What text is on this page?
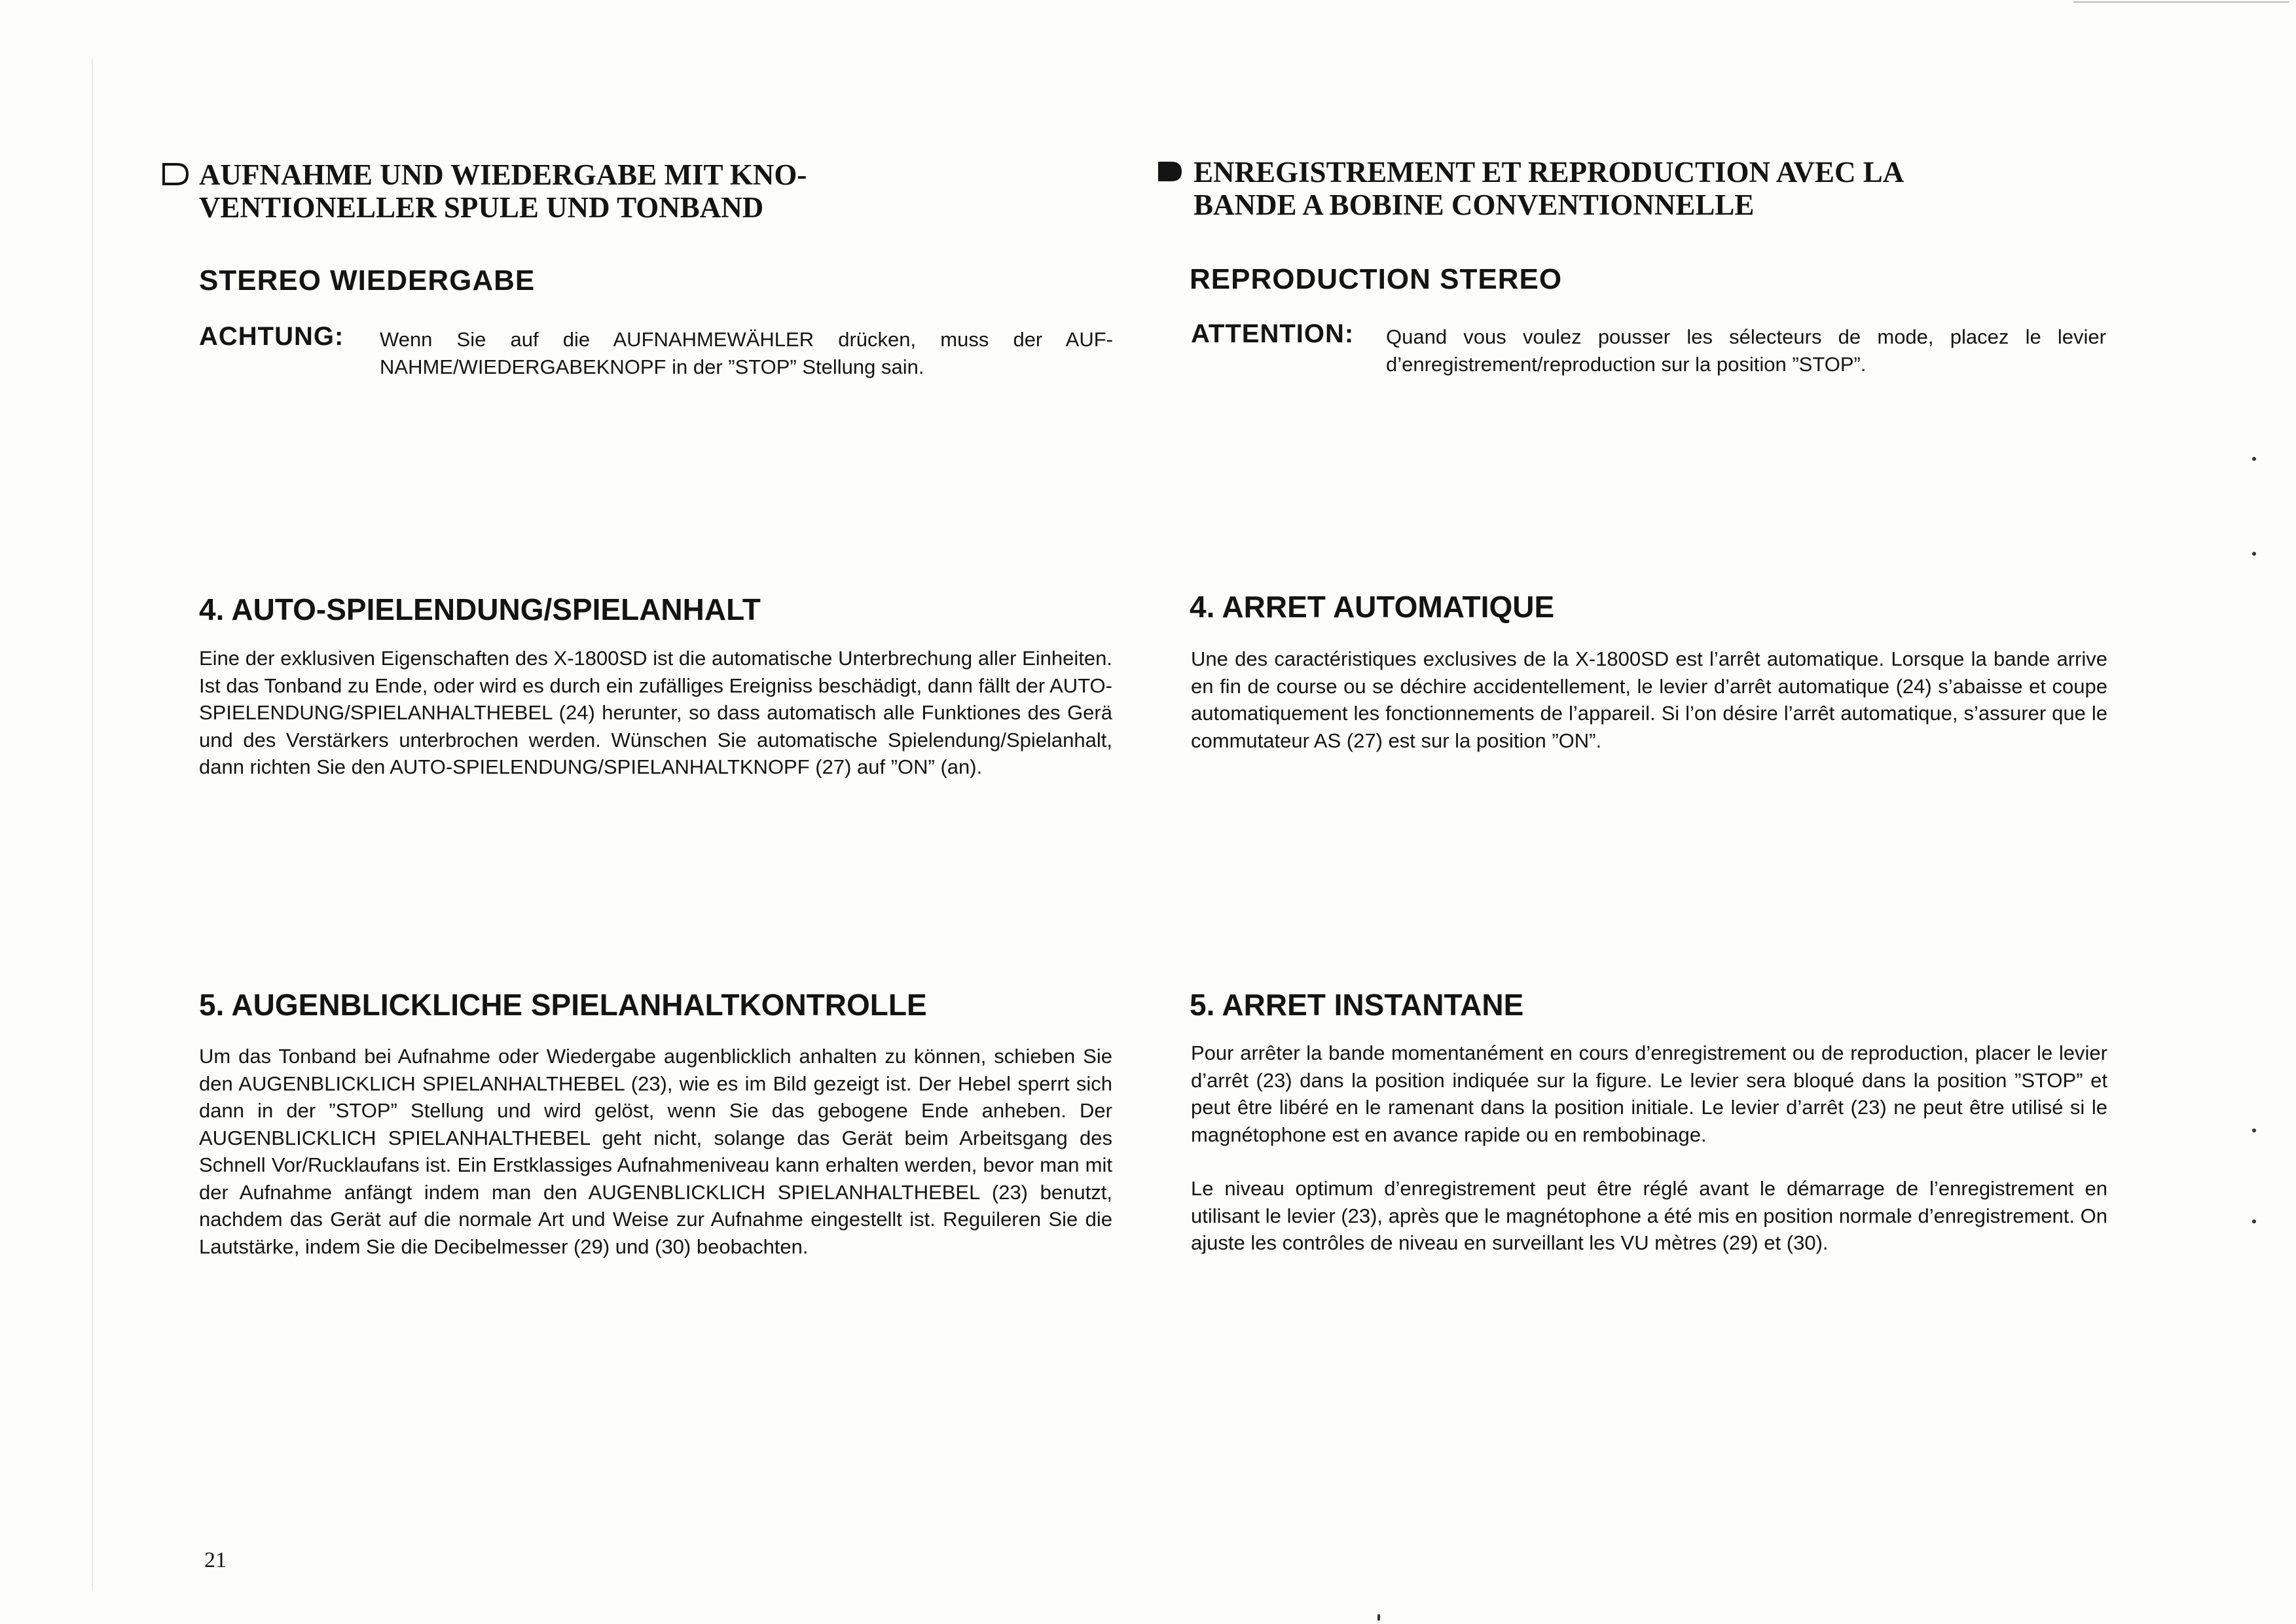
AUFNAHME UND WIEDERGABE MIT KNO-
VENTIONELLER SPULE UND TONBAND
STEREO WIEDERGABE
ACHTUNG: Wenn Sie auf die AUFNAHMEWÄHLER drücken, muss der AUF-NAHME/WIEDERGABEKNOPF in der ”STOP” Stellung sain.
4. AUTO-SPIELENDUNG/SPIELANHALT
Eine der exklusiven Eigenschaften des X-1800SD ist die automatische Unterbrechung aller Einheiten. Ist das Tonband zu Ende, oder wird es durch ein zufälliges Ereigniss beschädigt, dann fällt der AUTO-SPIELENDUNG/SPIELANHALTHEBEL (24) herunter, so dass automatisch alle Funktiones des Gerä und des Verstärkers unterbrochen werden. Wünschen Sie automatische Spielendung/Spielanhalt, dann richten Sie den AUTO-SPIELENDUNG/SPIELANHALTKNOPF (27) auf ”ON” (an).
5. AUGENBLICKLICHE SPIELANHALTKONTROLLE
Um das Tonband bei Aufnahme oder Wiedergabe augenblicklich anhalten zu können, schieben Sie den AUGENBLICKLICH SPIELANHALTHEBEL (23), wie es im Bild gezeigt ist. Der Hebel sperrt sich dann in der ”STOP” Stellung und wird gelöst, wenn Sie das gebogene Ende anheben. Der AUGENBLICKLICH SPIELANHALTHEBEL geht nicht, solange das Gerät beim Arbeitsgang des Schnell Vor/Rucklaufans ist. Ein Erstklassiges Aufnahmeniveau kann erhalten werden, bevor man mit der Aufnahme anfängt indem man den AUGENBLICKLICH SPIELANHALTHEBEL (23) benutzt, nachdem das Gerät auf die normale Art und Weise zur Aufnahme eingestellt ist. Reguileren Sie die Lautstärke, indem Sie die Decibelmesser (29) und (30) beobachten.
ENREGISTREMENT ET REPRODUCTION AVEC LA
BANDE A BOBINE CONVENTIONNELLE
REPRODUCTION STEREO
ATTENTION: Quand vous voulez pousser les sélecteurs de mode, placez le levier d’enregistrement/reproduction sur la position ”STOP”.
4. ARRET AUTOMATIQUE
Une des caractéristiques exclusives de la X-1800SD est l’arrêt automatique. Lorsque la bande arrive en fin de course ou se déchire accidentellement, le levier d’arrêt automatique (24) s’abaisse et coupe automatiquement les fonctionnements de l’appareil. Si l’on désire l’arrêt automatique, s’assurer que le commutateur AS (27) est sur la position ”ON”.
5. ARRET INSTANTANE
Pour arrêter la bande momentanément en cours d’enregistrement ou de reproduction, placer le levier d’arrêt (23) dans la position indiquée sur la figure. Le levier sera bloqué dans la position ”STOP” et peut être libéré en le ramenant dans la position initiale. Le levier d’arrêt (23) ne peut être utilisé si le magnétophone est en avance rapide ou en rembobinage.
Le niveau optimum d’enregistrement peut être réglé avant le démarrage de l’enregistrement en utilisant le levier (23), après que le magnétophone a été mis en position normale d’enregistrement. On ajuste les contrôles de niveau en surveillant les VU mètres (29) et (30).
21
